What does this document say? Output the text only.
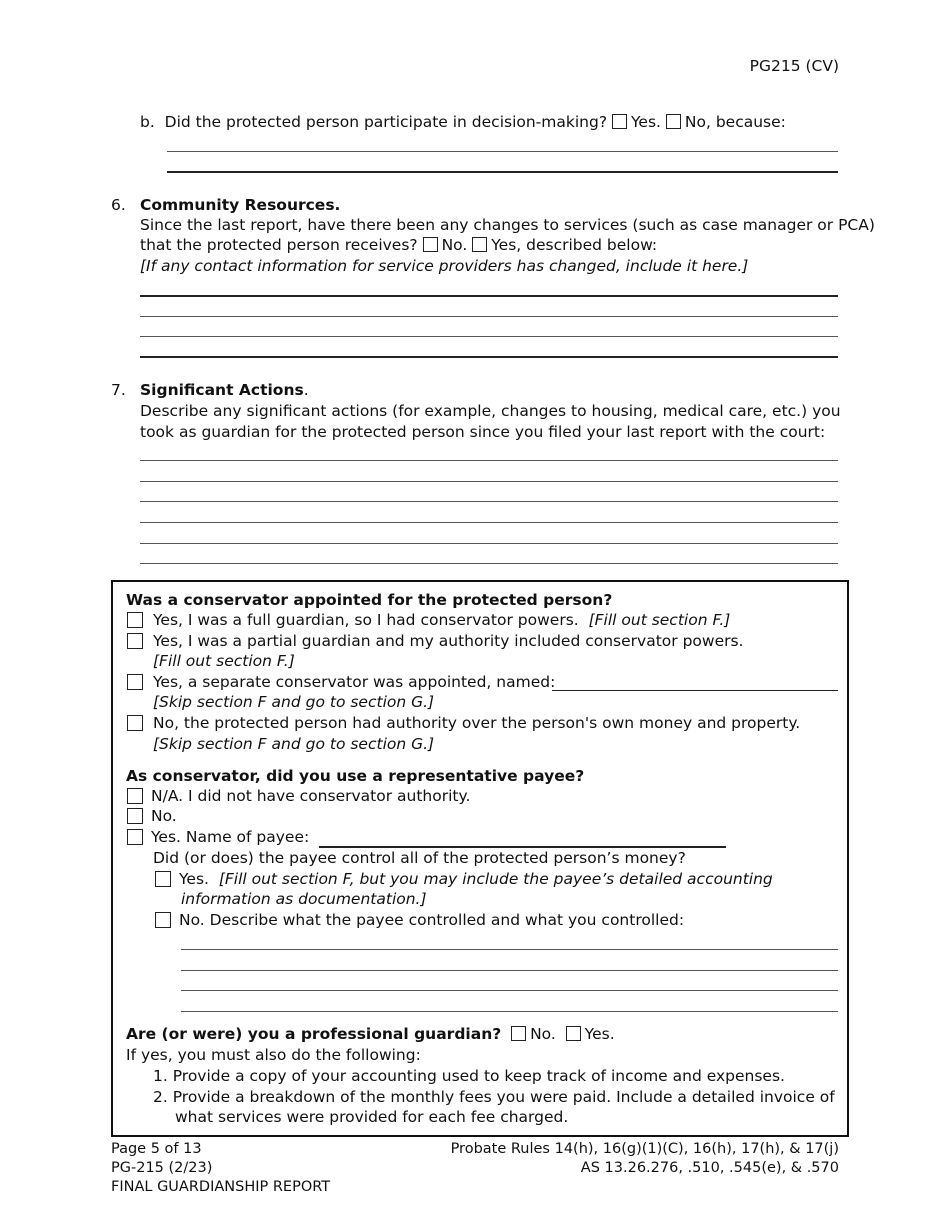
PG215 (CV)
b. Did the protected person participate in decision-making? Yes. No, because:
6. Community Resources.
Since the last report, have there been any changes to services (such as case manager or PCA)
that the protected person receives? No. Yes, described below:
[If any contact information for service providers has changed, include it here.]
7. Significant Actions.
Describe any significant actions (for example, changes to housing, medical care, etc.) you
took as guardian for the protected person since you filed your last report with the court:
Was a conservator appointed for the protected person?
Yes, I was a full guardian, so I had conservator powers. [Fill out section F.]
Yes, I was a partial guardian and my authority included conservator powers.
[Fill out section F.]
Yes, a separate conservator was appointed, named:
[Skip section F and go to section G.]
No, the protected person had authority over the person's own money and property.
[Skip section F and go to section G.]
As conservator, did you use a representative payee?
N/A. I did not have conservator authority.
No.
Yes. Name of payee:
Did (or does) the payee control all of the protected person’s money?
Yes. [Fill out section F, but you may include the payee’s detailed accounting
information as documentation.]
No. Describe what the payee controlled and what you controlled:
Are (or were) you a professional guardian? No. Yes.
If yes, you must also do the following:
1. Provide a copy of your accounting used to keep track of income and expenses.
2. Provide a breakdown of the monthly fees you were paid. Include a detailed invoice of
what services were provided for each fee charged.
Page 5 of 13
PG-215 (2/23)
FINAL GUARDIANSHIP REPORT
Probate Rules 14(h), 16(g)(1)(C), 16(h), 17(h), & 17(j)
AS 13.26.276, .510, .545(e), & .570
